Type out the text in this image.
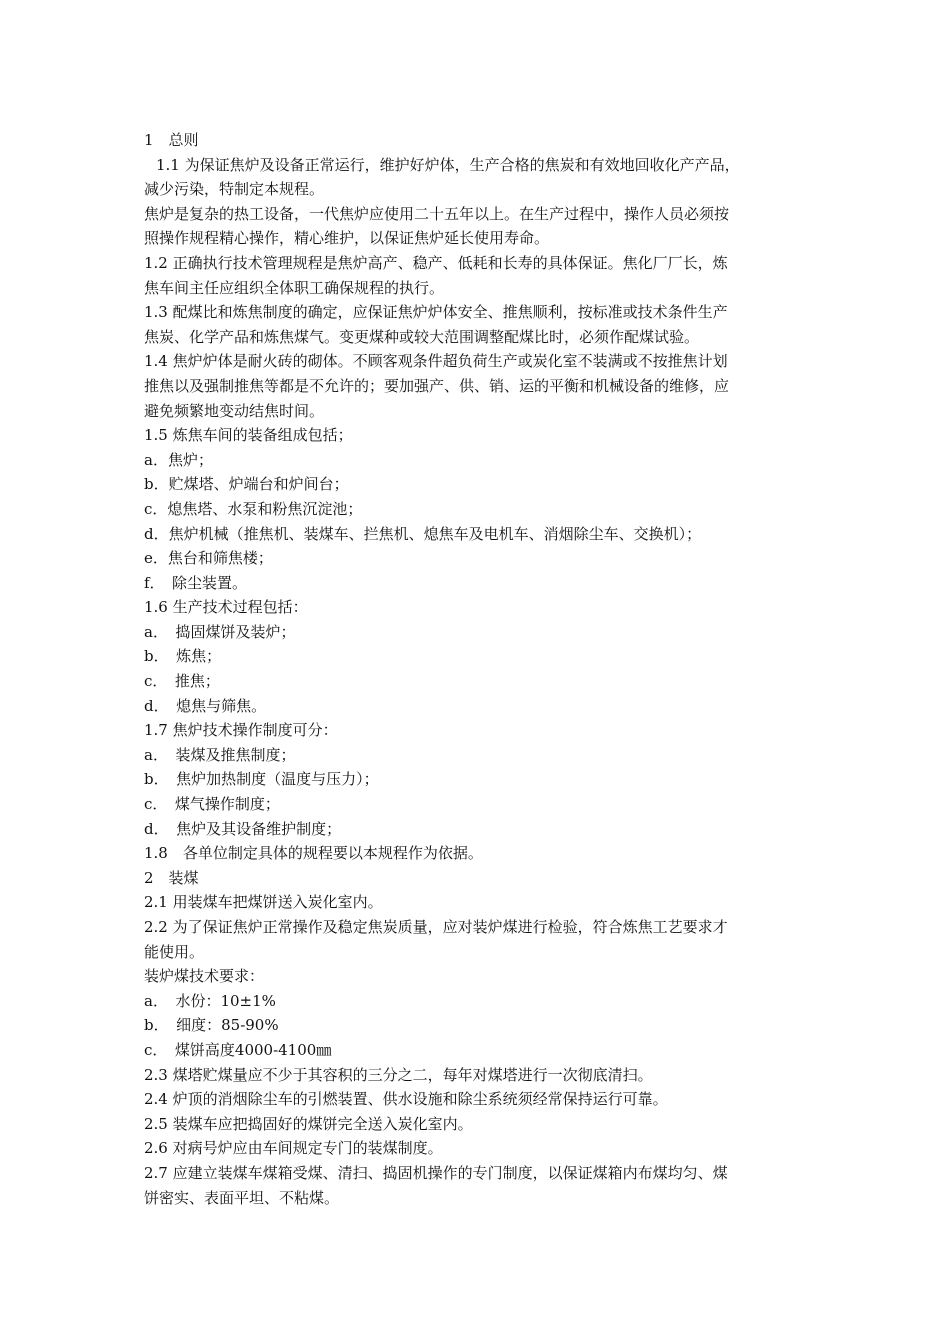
1　总则
1.1 为保证焦炉及设备正常运行，维护好炉体，生产合格的焦炭和有效地回收化产产品，
减少污染，特制定本规程。
焦炉是复杂的热工设备，一代焦炉应使用二十五年以上。在生产过程中，操作人员必须按
照操作规程精心操作，精心维护，以保证焦炉延长使用寿命。
1.2 正确执行技术管理规程是焦炉高产、稳产、低耗和长寿的具体保证。焦化厂厂长，炼
焦车间主任应组织全体职工确保规程的执行。
1.3 配煤比和炼焦制度的确定，应保证焦炉炉体安全、推焦顺利，按标准或技术条件生产
焦炭、化学产品和炼焦煤气。变更煤种或较大范围调整配煤比时，必须作配煤试验。
1.4 焦炉炉体是耐火砖的砌体。不顾客观条件超负荷生产或炭化室不装满或不按推焦计划
推焦以及强制推焦等都是不允许的；要加强产、供、销、运的平衡和机械设备的维修，应
避免频繁地变动结焦时间。
1.5 炼焦车间的装备组成包括；
a．焦炉；
b．贮煤塔、炉端台和炉间台；
c．熄焦塔、水泵和粉焦沉淀池；
d．焦炉机械（推焦机、装煤车、拦焦机、熄焦车及电机车、消烟除尘车、交换机）；
e．焦台和筛焦楼；
f．　除尘装置。
1.6 生产技术过程包括：
a．　捣固煤饼及装炉；
b．　炼焦；
c．　推焦；
d．　熄焦与筛焦。
1.7 焦炉技术操作制度可分：
a．　装煤及推焦制度；
b．　焦炉加热制度（温度与压力）；
c．　煤气操作制度；
d．　焦炉及其设备维护制度；
1.8　各单位制定具体的规程要以本规程作为依据。
2　装煤
2.1 用装煤车把煤饼送入炭化室内。
2.2 为了保证焦炉正常操作及稳定焦炭质量，应对装炉煤进行检验，符合炼焦工艺要求才
能使用。
装炉煤技术要求：
a．　水份：10±1%
b．　细度：85-90%
c．　煤饼高度4000-4100㎜
2.3 煤塔贮煤量应不少于其容积的三分之二，每年对煤塔进行一次彻底清扫。
2.4 炉顶的消烟除尘车的引燃装置、供水设施和除尘系统须经常保持运行可靠。
2.5 装煤车应把捣固好的煤饼完全送入炭化室内。
2.6 对病号炉应由车间规定专门的装煤制度。
2.7 应建立装煤车煤箱受煤、清扫、捣固机操作的专门制度，以保证煤箱内布煤均匀、煤
饼密实、表面平坦、不粘煤。
